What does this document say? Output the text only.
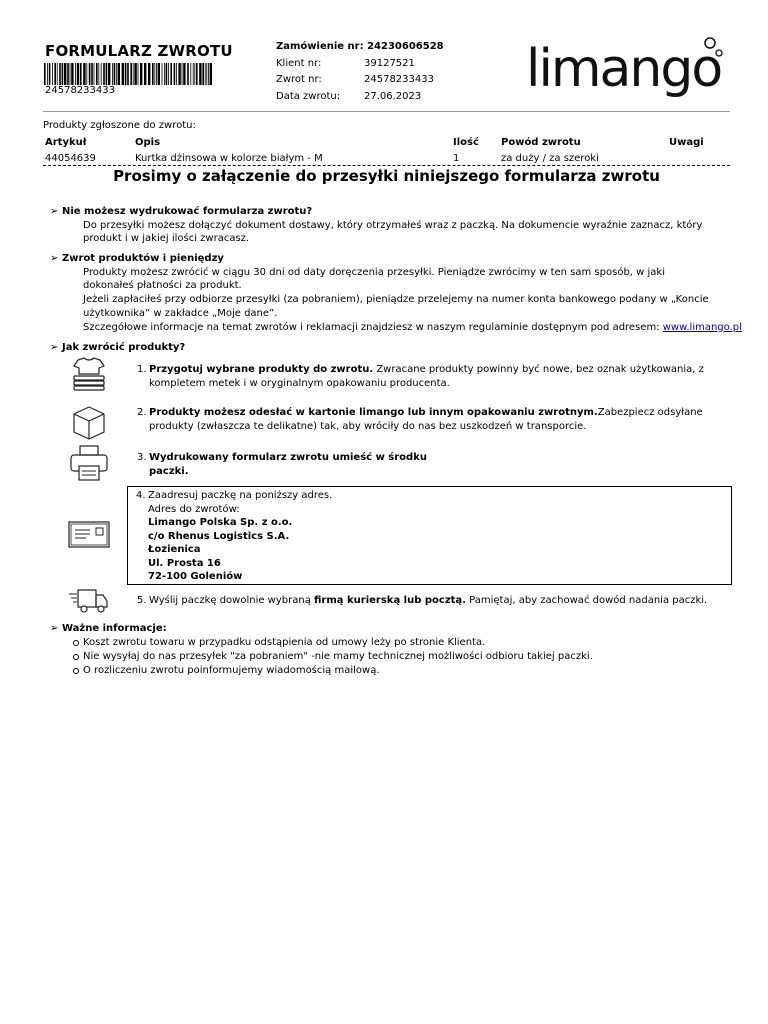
FORMULARZ ZWROTU
24578233433
Zamówienie nr: 24230606528
Klient nr:	39127521
Zwrot nr:	24578233433
Data zwrotu:	27.06.2023 limango
Produkty zgłoszone do zwrotu:
Artykuł	Opis	Ilość	Powód zwrotu	Uwagi
44054639	Kurtka dżinsowa w kolorze białym - M	1	za duży / za szeroki
Prosimy o załączenie do przesyłki niniejszego formularza zwrotu
➢ Nie możesz wydrukować formularza zwrotu?
Do przesyłki możesz dołączyć dokument dostawy, który otrzymałeś wraz z paczką. Na dokumencie wyraźnie zaznacz, który produkt i w jakiej ilości zwracasz.
➢ Zwrot produktów i pieniędzy
Produkty możesz zwrócić w ciągu 30 dni od daty doręczenia przesyłki. Pieniądze zwrócimy w ten sam sposób, w jaki dokonałeś płatności za produkt.
Jeżeli zapłaciłeś przy odbiorze przesyłki (za pobraniem), pieniądze przelejemy na numer konta bankowego podany w „Koncie użytkownika” w zakładce „Moje dane”.
Szczegółowe informacje na temat zwrotów i reklamacji znajdziesz w naszym regulaminie dostępnym pod adresem: www.limango.pl
➢ Jak zwrócić produkty?
1. Przygotuj wybrane produkty do zwrotu. Zwracane produkty powinny być nowe, bez oznak użytkowania, z
kompletem metek i w oryginalnym opakowaniu producenta.
2. Produkty możesz odesłać w kartonie limango lub innym opakowaniu zwrotnym.Zabezpiecz odsyłane
produkty (zwłaszcza te delikatne) tak, aby wróciły do nas bez uszkodzeń w transporcie.
3. Wydrukowany formularz zwrotu umieść w środku
paczki.
4. Zaadresuj paczkę na poniższy adres.
Adres do zwrotów:
Limango Polska Sp. z o.o.
c/o Rhenus Logistics S.A.
Łozienica
Ul. Prosta 16
72-100 Goleniów
5. Wyślij paczkę dowolnie wybraną firmą kurierską lub pocztą. Pamiętaj, aby zachować dowód nadania paczki.
➢ Ważne informacje:
Koszt zwrotu towaru w przypadku odstąpienia od umowy leży po stronie Klienta.
Nie wysyłaj do nas przesyłek "za pobraniem" -nie mamy technicznej możliwości odbioru takiej paczki.
O rozliczeniu zwrotu poinformujemy wiadomością mailową.
